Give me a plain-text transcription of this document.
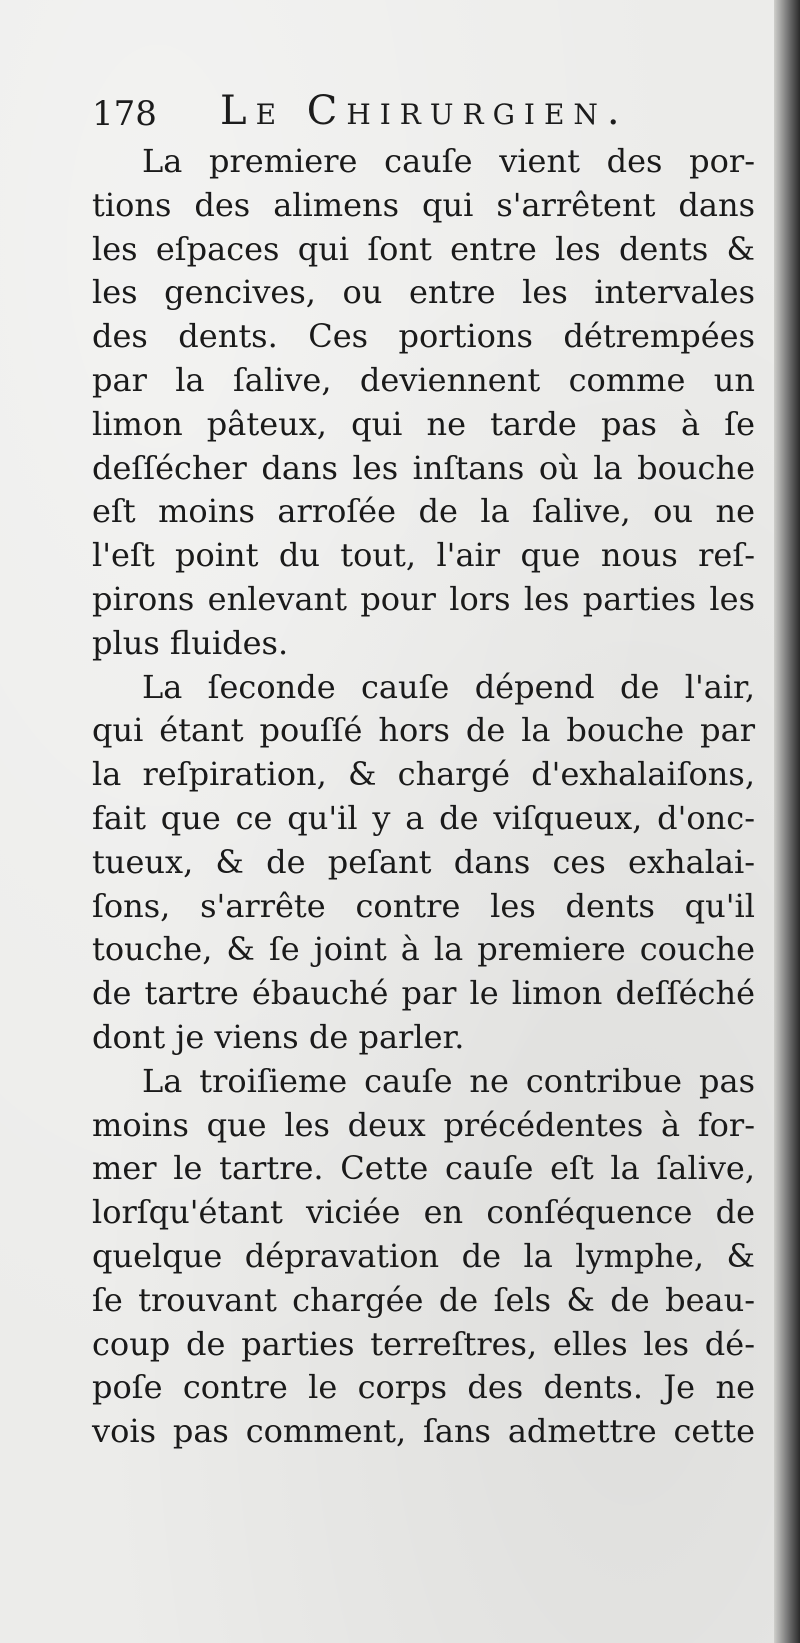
178 Le Chirurgien.
La premiere cauſe vient des por-
tions des alimens qui s'arrêtent dans
les eſpaces qui ſont entre les dents &
les gencives, ou entre les intervales
des dents. Ces portions détrempées
par la ſalive, deviennent comme un
limon pâteux, qui ne tarde pas à ſe
deſſécher dans les inſtans où la bouche
eſt moins arroſée de la ſalive, ou ne
l'eſt point du tout, l'air que nous reſ-
pirons enlevant pour lors les parties les
plus fluides.
La ſeconde cauſe dépend de l'air,
qui étant pouſſé hors de la bouche par
la reſpiration, & chargé d'exhalaiſons,
fait que ce qu'il y a de viſqueux, d'onc-
tueux, & de peſant dans ces exhalai-
ſons, s'arrête contre les dents qu'il
touche, & ſe joint à la premiere couche
de tartre ébauché par le limon deſſéché
dont je viens de parler.
La troiſieme cauſe ne contribue pas
moins que les deux précédentes à for-
mer le tartre. Cette cauſe eſt la ſalive,
lorſqu'étant viciée en conſéquence de
quelque dépravation de la lymphe, &
ſe trouvant chargée de ſels & de beau-
coup de parties terreſtres, elles les dé-
poſe contre le corps des dents. Je ne
vois pas comment, ſans admettre cette
